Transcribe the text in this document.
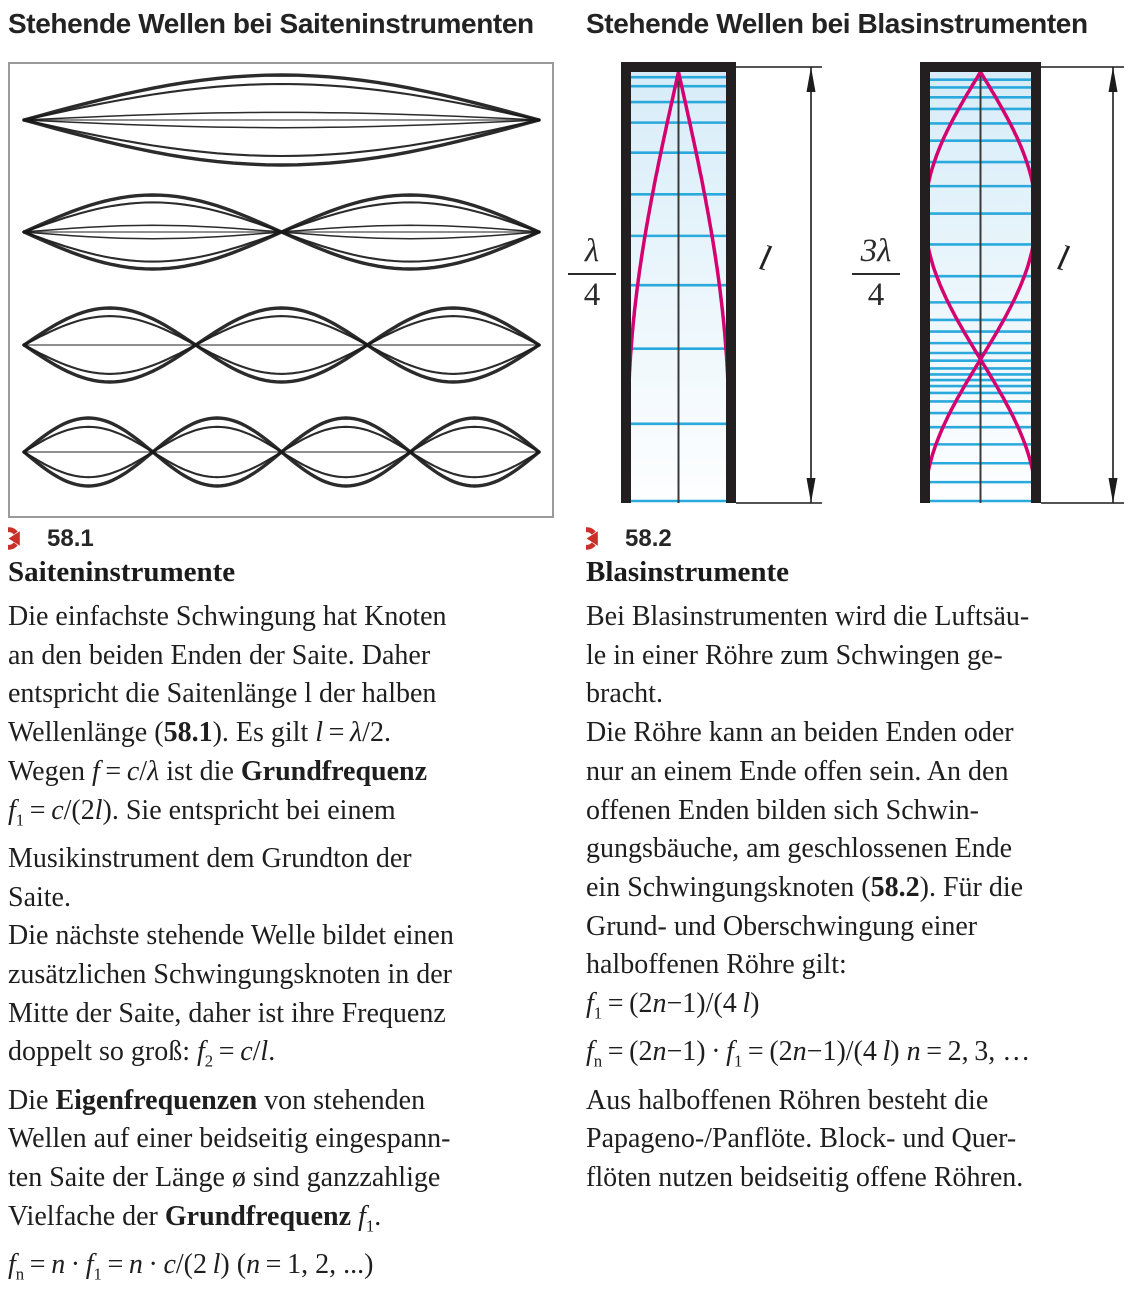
Stehende Wellen bei Saiteninstrumenten Stehende Wellen bei Blasinstrumenten
λ
4
3λ
4
l	l
58.1	58.2
Saiteninstrumente	Blasinstrumente
Die einfachste Schwingung hat Knoten
an den beiden Enden der Saite. Daher
entspricht die Saitenlänge l der halben
Wellenlänge (58.1). Es gilt l = λ/2.
Wegen f = c/λ ist die Grundfrequenz
$f_1 = c/(2l)$. Sie entspricht bei einem
Musikinstrument dem Grundton der
Saite.
Die nächste stehende Welle bildet einen
zusätzlichen Schwingungsknoten in der
Mitte der Saite, daher ist ihre Frequenz
doppelt so groß: $f_2 = c/l$.
Die Eigenfrequenzen von stehenden
Wellen auf einer beidseitig eingespann-
ten Saite der Länge ø sind ganzzahlige
Vielfache der Grundfrequenz $f_1$.
$f_n = n \cdot f_1 = n \cdot c/(2$ l) (n = 1, 2, ...)
Bei Blasinstrumenten wird die Luftsäu-
le in einer Röhre zum Schwingen ge-
bracht.
Die Röhre kann an beiden Enden oder
nur an einem Ende offen sein. An den
offenen Enden bilden sich Schwin-
gungsbäuche, am geschlossenen Ende
ein Schwingungsknoten (58.2). Für die
Grund- und Oberschwingung einer
halboffenen Röhre gilt:
$f_1 = (2n-1)/(4$ l)
$f_n = (2n-1) \cdot f_1 = (2n-1)/(4$ l) n = 2, 3, …
Aus halboffenen Röhren besteht die
Papageno-/Panflöte. Block- und Quer-
flöten nutzen beidseitig offene Röhren.
